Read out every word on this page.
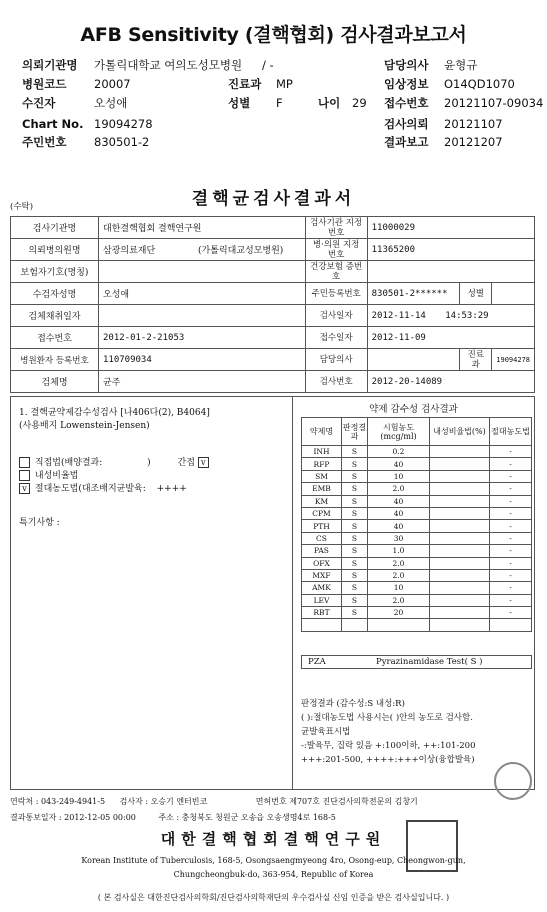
AFB Sensitivity (결핵협회) 검사결과보고서
의뢰기관명 가톨릭대학교 여의도성모병원 / -	담당의사 윤형규
병원코드 20007	진료과 MP	임상정보 O14QD1070
수진자	오성애	성별 F	나이 29 접수번호 20121107-09034
Chart No. 19094278	검사의뢰 20121107
주민번호 830501-2	결과보고 20121207
(수탁)	결핵균검사결과서
검사기관명	대한결핵협회 결핵연구원	검사기관 지정번호	11000029		
의뢰병의원명	삼광의료재단 (가톨릭대교성모병원)	병·의원 지정번호	11365200		
보험자기호(명칭)		건강보험 증번호			
수검자성명	오성애	주민등록번호	830501-2******	성별	
검체채취일자		검사일자	2012-11-14 14:53:29		
접수번호	2012-01-2-21053	접수일자	2012-11-09		
병원환자 등록번호	110709034	담당의사		진료과	19094278
검체명	균주	검사번호	2012-20-14089		
1. 결핵균약제감수성검사 [나406다(2), B4064]
(사용배지 Lowenstein-Jensen)
직접법(배양결과:	)	간접 v
내성비율법
v 절대농도법(대조배지균발육: ++++
특기사항 :
약제 감수성 검사결과
약제명	판정결과	시험농도(mcg/ml)	내성비율법(%)	절대농도법
INH	S	0.2		-
RFP	S	40		-
SM	S	10		-
EMB	S	2.0		-
KM	S	40		-
CPM	S	40		-
PTH	S	40		-
CS	S	30		-
PAS	S	1.0		-
OFX	S	2.0		-
MXF	S	2.0		-
AMK	S	10		-
LEV	S	2.0		-
RBT	S	20		-

PZA	Pyrazinamidase Test( S )
판정결과 (감수성:S 내성:R)
( ):절대농도법 사용시는( )안의 농도로 검사함.
균발육표시법
-:발육무, 집락 있음 +:100이하, ++:101-200
+++:201-500, ++++:+++이상(융합발육)
연락처 : 043-249-4941-5 검사자 : 오승기 엔터빈코	면허번호 제707호 진단검사의학전문의 김창기
결과통보일자 : 2012-12-05 00:00	주소 : 충청북도 청원군 오송읍 오송생명4로 168-5
대한결핵협회결핵연구원
Korean Institute of Tuberculosis, 168-5, Osongsaengmyeong 4ro, Osong-eup, Cheongwon-gun,
Chungcheongbuk-do, 363-954, Republic of Korea
( 본 검사실은 대한진단검사의학회/진단검사의학재단의 우수검사실 신임 인증을 받은 검사실입니다. )
